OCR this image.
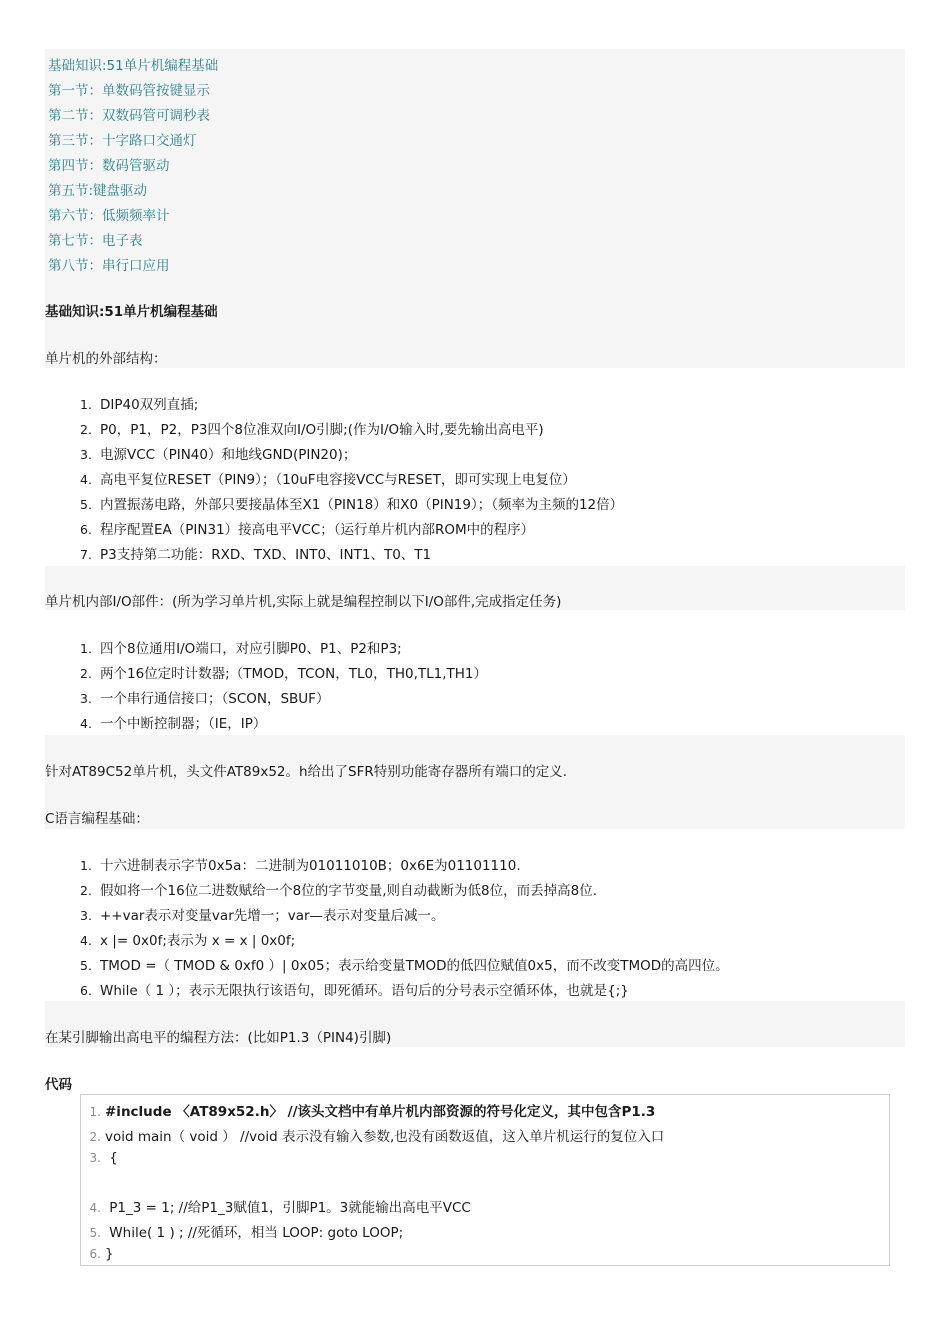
基础知识:51单片机编程基础
第一节：单数码管按键显示
第二节：双数码管可调秒表
第三节：十字路口交通灯
第四节：数码管驱动
第五节:键盘驱动
第六节：低频频率计
第七节：电子表
第八节：串行口应用
基础知识:51单片机编程基础
单片机的外部结构：
1. DIP40双列直插;
2. P0，P1，P2，P3四个8位准双向I/O引脚;(作为I/O输入时,要先输出高电平)
3. 电源VCC（PIN40）和地线GND(PIN20)；
4. 高电平复位RESET（PIN9）；（10uF电容接VCC与RESET，即可实现上电复位）
5. 内置振荡电路，外部只要接晶体至X1（PIN18）和X0（PIN19）；（频率为主频的12倍）
6. 程序配置EA（PIN31）接高电平VCC；（运行单片机内部ROM中的程序）
7. P3支持第二功能：RXD、TXD、INT0、INT1、T0、T1
单片机内部I/O部件：(所为学习单片机,实际上就是编程控制以下I/O部件,完成指定任务)
1. 四个8位通用I/O端口，对应引脚P0、P1、P2和P3;
2. 两个16位定时计数器;（TMOD，TCON，TL0，TH0,TL1,TH1）
3. 一个串行通信接口；（SCON，SBUF）
4. 一个中断控制器；（IE，IP）
针对AT89C52单片机，头文件AT89x52。h给出了SFR特别功能寄存器所有端口的定义.
C语言编程基础：
1. 十六进制表示字节0x5a：二进制为01011010B；0x6E为01101110.
2. 假如将一个16位二进数赋给一个8位的字节变量,则自动截断为低8位，而丢掉高8位.
3. ++var表示对变量var先增一；var—表示对变量后减一。
4. x |= 0x0f;表示为 x = x | 0x0f;
5. TMOD =（ TMOD & 0xf0 ）| 0x05；表示给变量TMOD的低四位赋值0x5，而不改变TMOD的高四位。
6. While（ 1 ）；表示无限执行该语句，即死循环。语句后的分号表示空循环体，也就是{;}
在某引脚输出高电平的编程方法：(比如P1.3（PIN4)引脚)
代码
1. #include 〈AT89x52.h〉 //该头文档中有单片机内部资源的符号化定义，其中包含P1.3
2. void main（ void ） //void 表示没有输入参数,也没有函数返值，这入单片机运行的复位入口
3. {
4. P1_3 = 1; //给P1_3赋值1，引脚P1。3就能输出高电平VCC
5. While( 1 ) ; //死循环，相当 LOOP: goto LOOP;
6. }
